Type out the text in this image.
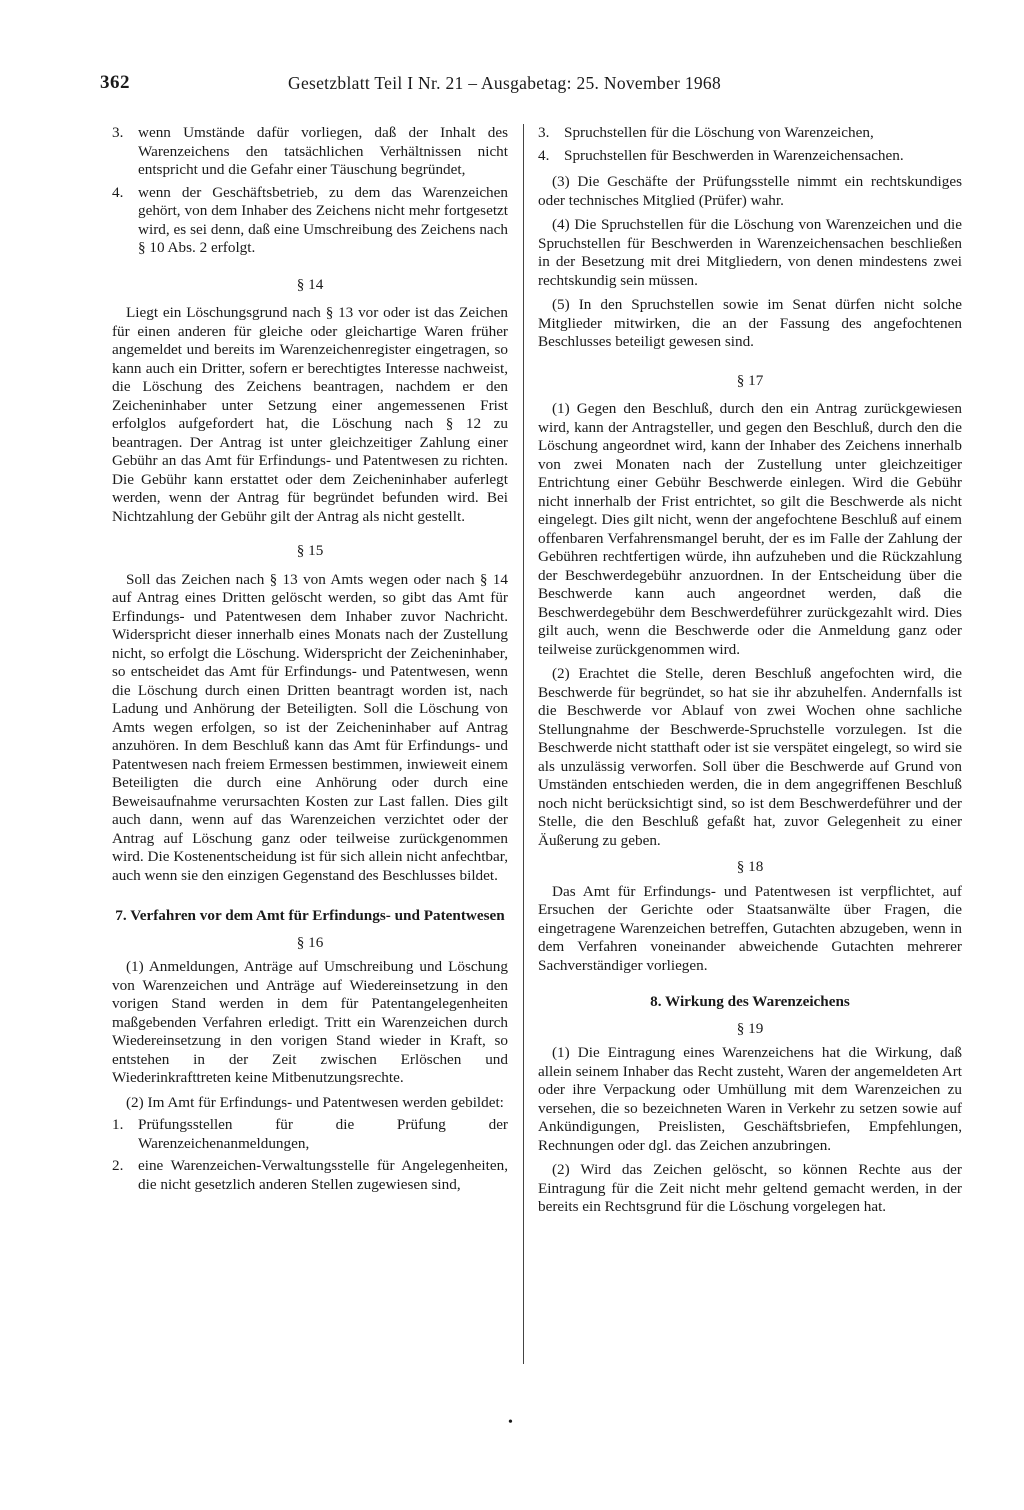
362	Gesetzblatt Teil I Nr. 21 – Ausgabetag: 25. November 1968
3. wenn Umstände dafür vorliegen, daß der Inhalt des Warenzeichens den tatsächlichen Verhältnissen nicht entspricht und die Gefahr einer Täuschung begründet,
4. wenn der Geschäftsbetrieb, zu dem das Warenzeichen gehört, von dem Inhaber des Zeichens nicht mehr fortgesetzt wird, es sei denn, daß eine Umschreibung des Zeichens nach § 10 Abs. 2 erfolgt.

§ 14

Liegt ein Löschungsgrund nach § 13 vor oder ist das Zeichen für einen anderen für gleiche oder gleichartige Waren früher angemeldet und bereits im Warenzeichenregister eingetragen, so kann auch ein Dritter, sofern er berechtigtes Interesse nachweist, die Löschung des Zeichens beantragen, nachdem er den Zeicheninhaber unter Setzung einer angemessenen Frist erfolglos aufgefordert hat, die Löschung nach § 12 zu beantragen. Der Antrag ist unter gleichzeitiger Zahlung einer Gebühr an das Amt für Erfindungs- und Patentwesen zu richten. Die Gebühr kann erstattet oder dem Zeicheninhaber auferlegt werden, wenn der Antrag für begründet befunden wird. Bei Nichtzahlung der Gebühr gilt der Antrag als nicht gestellt.

§ 15

Soll das Zeichen nach § 13 von Amts wegen oder nach § 14 auf Antrag eines Dritten gelöscht werden, so gibt das Amt für Erfindungs- und Patentwesen dem Inhaber zuvor Nachricht. Widerspricht dieser innerhalb eines Monats nach der Zustellung nicht, so erfolgt die Löschung. Widerspricht der Zeicheninhaber, so entscheidet das Amt für Erfindungs- und Patentwesen, wenn die Löschung durch einen Dritten beantragt worden ist, nach Ladung und Anhörung der Beteiligten. Soll die Löschung von Amts wegen erfolgen, so ist der Zeicheninhaber auf Antrag anzuhören. In dem Beschluß kann das Amt für Erfindungs- und Patentwesen nach freiem Ermessen bestimmen, inwieweit einem Beteiligten die durch eine Anhörung oder durch eine Beweisaufnahme verursachten Kosten zur Last fallen. Dies gilt auch dann, wenn auf das Warenzeichen verzichtet oder der Antrag auf Löschung ganz oder teilweise zurückgenommen wird. Die Kostenentscheidung ist für sich allein nicht anfechtbar, auch wenn sie den einzigen Gegenstand des Beschlusses bildet.

7. Verfahren vor dem Amt für Erfindungs- und Patentwesen

§ 16

(1) Anmeldungen, Anträge auf Umschreibung und Löschung von Warenzeichen und Anträge auf Wiedereinsetzung in den vorigen Stand werden in dem für Patentangelegenheiten maßgebenden Verfahren erledigt. Tritt ein Warenzeichen durch Wiedereinsetzung in den vorigen Stand wieder in Kraft, so entstehen in der Zeit zwischen Erlöschen und Wiederinkrafttreten keine Mitbenutzungsrechte.

(2) Im Amt für Erfindungs- und Patentwesen werden gebildet:

1. Prüfungsstellen für die Prüfung der Warenzeichenanmeldungen,
2. eine Warenzeichen-Verwaltungsstelle für Angelegenheiten, die nicht gesetzlich anderen Stellen zugewiesen sind,
3. Spruchstellen für die Löschung von Warenzeichen,
4. Spruchstellen für Beschwerden in Warenzeichensachen.

(3) Die Geschäfte der Prüfungsstelle nimmt ein rechtskundiges oder technisches Mitglied (Prüfer) wahr.

(4) Die Spruchstellen für die Löschung von Warenzeichen und die Spruchstellen für Beschwerden in Warenzeichensachen beschließen in der Besetzung mit drei Mitgliedern, von denen mindestens zwei rechtskundig sein müssen.

(5) In den Spruchstellen sowie im Senat dürfen nicht solche Mitglieder mitwirken, die an der Fassung des angefochtenen Beschlusses beteiligt gewesen sind.

§ 17

(1) Gegen den Beschluß, durch den ein Antrag zurückgewiesen wird, kann der Antragsteller, und gegen den Beschluß, durch den die Löschung angeordnet wird, kann der Inhaber des Zeichens innerhalb von zwei Monaten nach der Zustellung unter gleichzeitiger Entrichtung einer Gebühr Beschwerde einlegen. Wird die Gebühr nicht innerhalb der Frist entrichtet, so gilt die Beschwerde als nicht eingelegt. Dies gilt nicht, wenn der angefochtene Beschluß auf einem offenbaren Verfahrensmangel beruht, der es im Falle der Zahlung der Gebühren rechtfertigen würde, ihn aufzuheben und die Rückzahlung der Beschwerdegebühr anzuordnen. In der Entscheidung über die Beschwerde kann auch angeordnet werden, daß die Beschwerdegebühr dem Beschwerdeführer zurückgezahlt wird. Dies gilt auch, wenn die Beschwerde oder die Anmeldung ganz oder teilweise zurückgenommen wird.

(2) Erachtet die Stelle, deren Beschluß angefochten wird, die Beschwerde für begründet, so hat sie ihr abzuhelfen. Andernfalls ist die Beschwerde vor Ablauf von zwei Wochen ohne sachliche Stellungnahme der Beschwerde-Spruchstelle vorzulegen. Ist die Beschwerde nicht statthaft oder ist sie verspätet eingelegt, so wird sie als unzulässig verworfen. Soll über die Beschwerde auf Grund von Umständen entschieden werden, die in dem angegriffenen Beschluß noch nicht berücksichtigt sind, so ist dem Beschwerdeführer und der Stelle, die den Beschluß gefaßt hat, zuvor Gelegenheit zu einer Äußerung zu geben.

§ 18

Das Amt für Erfindungs- und Patentwesen ist verpflichtet, auf Ersuchen der Gerichte oder Staatsanwälte über Fragen, die eingetragene Warenzeichen betreffen, Gutachten abzugeben, wenn in dem Verfahren voneinander abweichende Gutachten mehrerer Sachverständiger vorliegen.

8. Wirkung des Warenzeichens

§ 19

(1) Die Eintragung eines Warenzeichens hat die Wirkung, daß allein seinem Inhaber das Recht zusteht, Waren der angemeldeten Art oder ihre Verpackung oder Umhüllung mit dem Warenzeichen zu versehen, die so bezeichneten Waren in Verkehr zu setzen sowie auf Ankündigungen, Preislisten, Geschäftsbriefen, Empfehlungen, Rechnungen oder dgl. das Zeichen anzubringen.

(2) Wird das Zeichen gelöscht, so können Rechte aus der Eintragung für die Zeit nicht mehr geltend gemacht werden, in der bereits ein Rechtsgrund für die Löschung vorgelegen hat.

•
